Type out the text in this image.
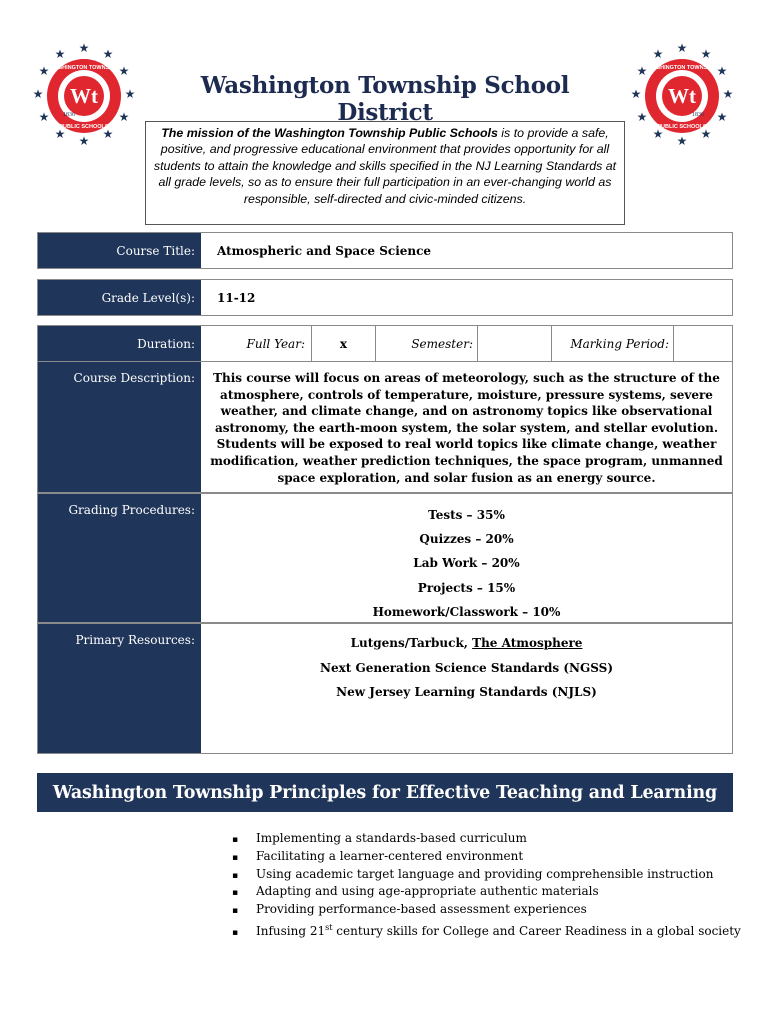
★ ★
★
★
★
★
★
★
★
★
★
★
Wt
WASHINGTON TOWNSHIP
PUBLIC SCHOOLS
1836
★ ★
★
★
★
★
★
★
★
★
★
★
Wt
WASHINGTON TOWNSHIP
PUBLIC SCHOOLS
1836
Washington Township School District
The mission of the Washington Township Public Schools is to provide a safe, positive, and progressive educational environment that provides opportunity for all students to attain the knowledge and skills specified in the NJ Learning Standards at all grade levels, so as to ensure their full participation in an ever-changing world as responsible, self-directed and civic-minded citizens.
Course Title:	Atmospheric and Space Science
Grade Level(s):	11-12
Duration:	Full Year:	x	Semester:	Marking Period:
Course Description:	This course will focus on areas of meteorology, such as the structure of the
atmosphere, controls of temperature, moisture, pressure systems, severe
weather, and climate change, and on astronomy topics like observational
astronomy, the earth-moon system, the solar system, and stellar evolution.
Students will be exposed to real world topics like climate change, weather
modification, weather prediction techniques, the space program, unmanned
space exploration, and solar fusion as an energy source.
Grading Procedures:	Tests – 35%
Quizzes – 20%
Lab Work – 20%
Projects – 15%
Homework/Classwork – 10%
Primary Resources:	Lutgens/Tarbuck, The Atmosphere
Next Generation Science Standards (NGSS)
New Jersey Learning Standards (NJLS)
Washington Township Principles for Effective Teaching and Learning
▪ Implementing a standards-based curriculum
▪ Facilitating a learner-centered environment
▪ Using academic target language and providing comprehensible instruction
▪ Adapting and using age-appropriate authentic materials
▪ Providing performance-based assessment experiences
▪ Infusing 21st century skills for College and Career Readiness in a global society
